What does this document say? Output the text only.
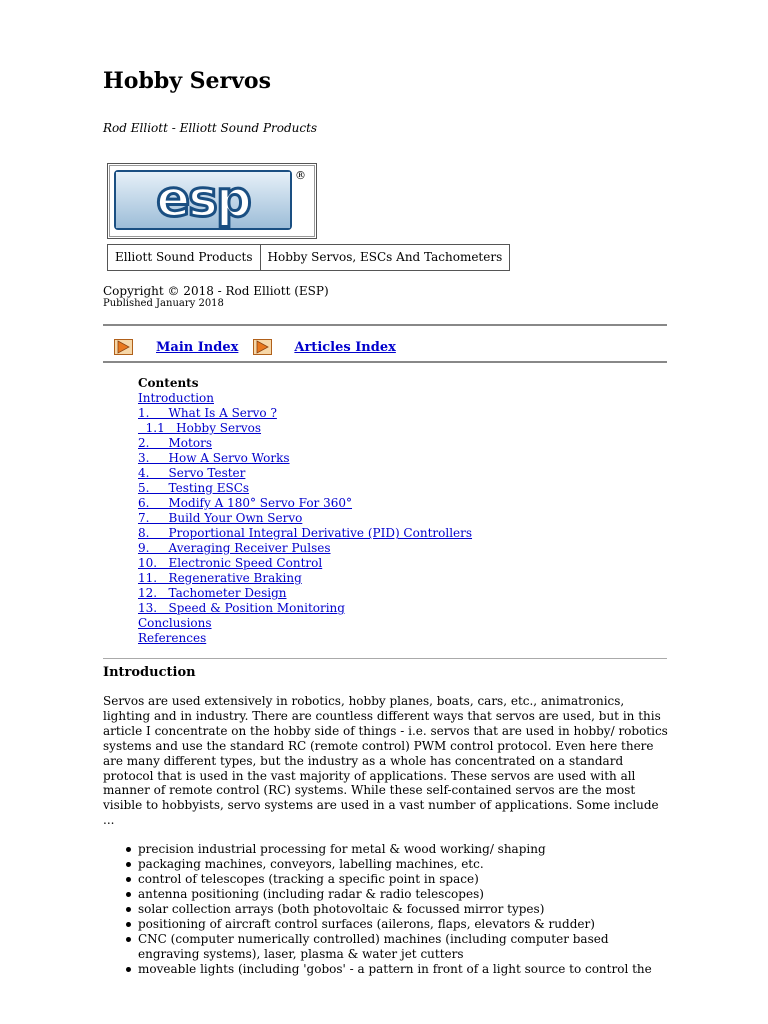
Hobby Servos
Rod Elliott - Elliott Sound Products
esp	®
Elliott Sound Products	Hobby Servos, ESCs And Tachometers
Copyright © 2018 - Rod Elliott (ESP)
Published January 2018
Main Index	Articles Index
Contents
Introduction
1.     What Is A Servo ?
1.1   Hobby Servos
2.     Motors
3.     How A Servo Works
4.     Servo Tester
5.     Testing ESCs
6.     Modify A 180° Servo For 360°
7.     Build Your Own Servo
8.     Proportional Integral Derivative (PID) Controllers
9.     Averaging Receiver Pulses
10.   Electronic Speed Control
11.   Regenerative Braking
12.   Tachometer Design
13.   Speed & Position Monitoring
Conclusions
References
Introduction

Servos are used extensively in robotics, hobby planes, boats, cars, etc., animatronics, lighting and in industry. There are countless different ways that servos are used, but in this article I concentrate on the hobby side of things - i.e. servos that are used in hobby/ robotics systems and use the standard RC (remote control) PWM control protocol. Even here there are many different types, but the industry as a whole has concentrated on a standard protocol that is used in the vast majority of applications. These servos are used with all manner of remote control (RC) systems. While these self-contained servos are the most visible to hobbyists, servo systems are used in a vast number of applications. Some include ...

precision industrial processing for metal & wood working/ shaping
packaging machines, conveyors, labelling machines, etc.
control of telescopes (tracking a specific point in space)
antenna positioning (including radar & radio telescopes)
solar collection arrays (both photovoltaic & focussed mirror types)
positioning of aircraft control surfaces (ailerons, flaps, elevators & rudder)
CNC (computer numerically controlled) machines (including computer based engraving systems), laser, plasma & water jet cutters
moveable lights (including 'gobos' - a pattern in front of a light source to control the
